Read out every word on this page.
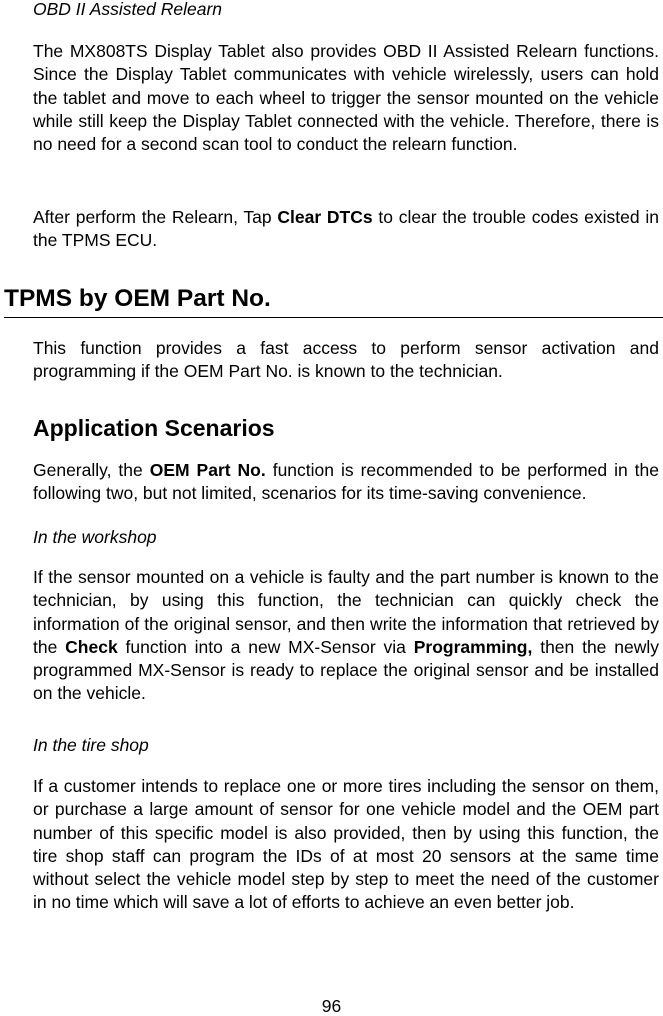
OBD II Assisted Relearn

The MX808TS Display Tablet also provides OBD II Assisted Relearn functions. Since the Display Tablet communicates with vehicle wirelessly, users can hold the tablet and move to each wheel to trigger the sensor mounted on the vehicle while still keep the Display Tablet connected with the vehicle. Therefore, there is no need for a second scan tool to conduct the relearn function.

After perform the Relearn, Tap Clear DTCs to clear the trouble codes existed in the TPMS ECU.

TPMS by OEM Part No.

This function provides a fast access to perform sensor activation and programming if the OEM Part No. is known to the technician.

Application Scenarios

Generally, the OEM Part No. function is recommended to be performed in the following two, but not limited, scenarios for its time-saving convenience.

In the workshop

If the sensor mounted on a vehicle is faulty and the part number is known to the technician, by using this function, the technician can quickly check the information of the original sensor, and then write the information that retrieved by the Check function into a new MX-Sensor via Programming, then the newly programmed MX-Sensor is ready to replace the original sensor and be installed on the vehicle.

In the tire shop

If a customer intends to replace one or more tires including the sensor on them, or purchase a large amount of sensor for one vehicle model and the OEM part number of this specific model is also provided, then by using this function, the tire shop staff can program the IDs of at most 20 sensors at the same time without select the vehicle model step by step to meet the need of the customer in no time which will save a lot of efforts to achieve an even better job.

96
